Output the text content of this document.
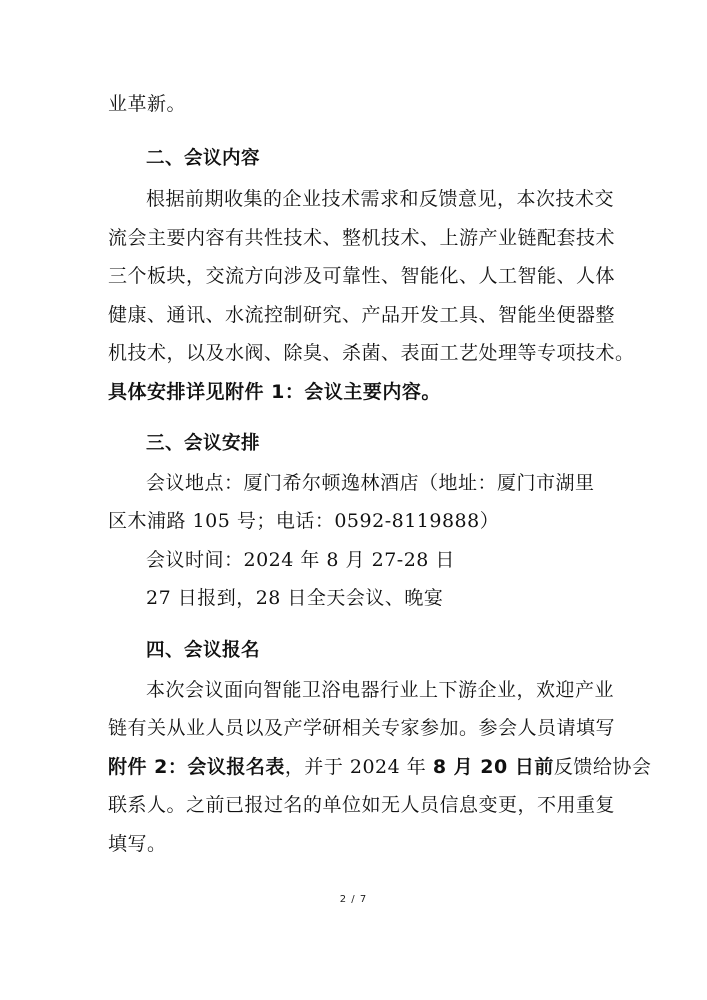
业革新。
二、会议内容
根据前期收集的企业技术需求和反馈意见，本次技术交
流会主要内容有共性技术、整机技术、上游产业链配套技术
三个板块，交流方向涉及可靠性、智能化、人工智能、人体
健康、通讯、水流控制研究、产品开发工具、智能坐便器整
机技术，以及水阀、除臭、杀菌、表面工艺处理等专项技术。
具体安排详见附件 1：会议主要内容。
三、会议安排
会议地点：厦门希尔顿逸林酒店（地址：厦门市湖里
区木浦路 105 号；电话：0592-8119888）
会议时间：2024 年 8 月 27-28 日
27 日报到，28 日全天会议、晚宴
四、会议报名
本次会议面向智能卫浴电器行业上下游企业，欢迎产业
链有关从业人员以及产学研相关专家参加。参会人员请填写
附件 2：会议报名表，并于 2024 年 8 月 20 日前反馈给协会
联系人。之前已报过名的单位如无人员信息变更，不用重复
填写。
2 / 7
